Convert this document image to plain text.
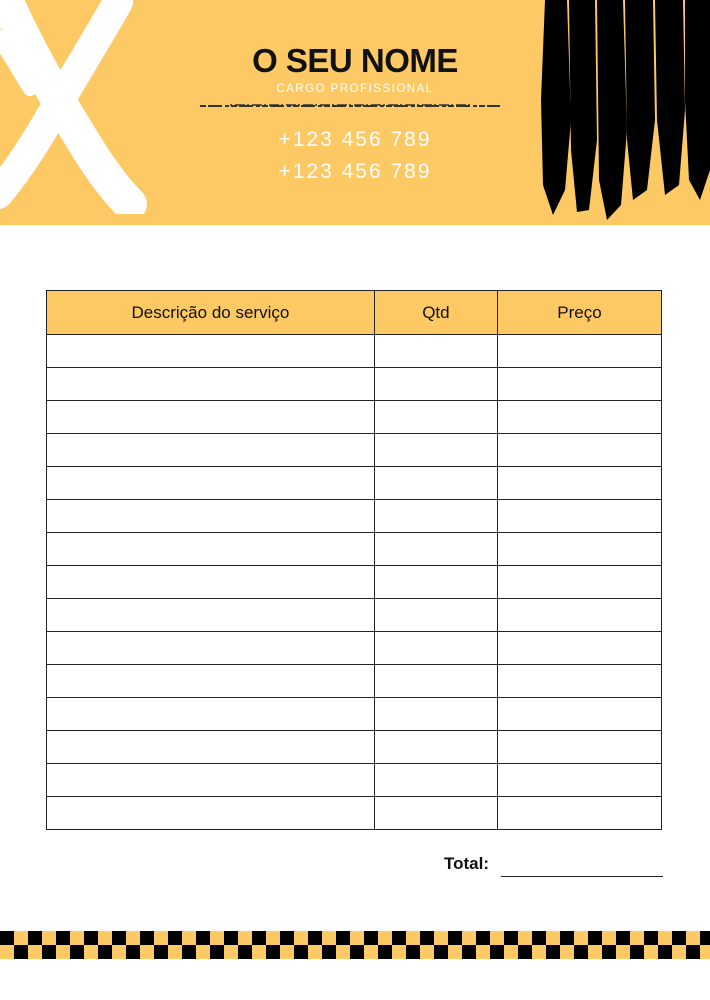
O SEU NOME
CARGO PROFISSIONAL
+123 456 789
+123 456 789
Descrição do serviço	Qtd	Preço

Total:
